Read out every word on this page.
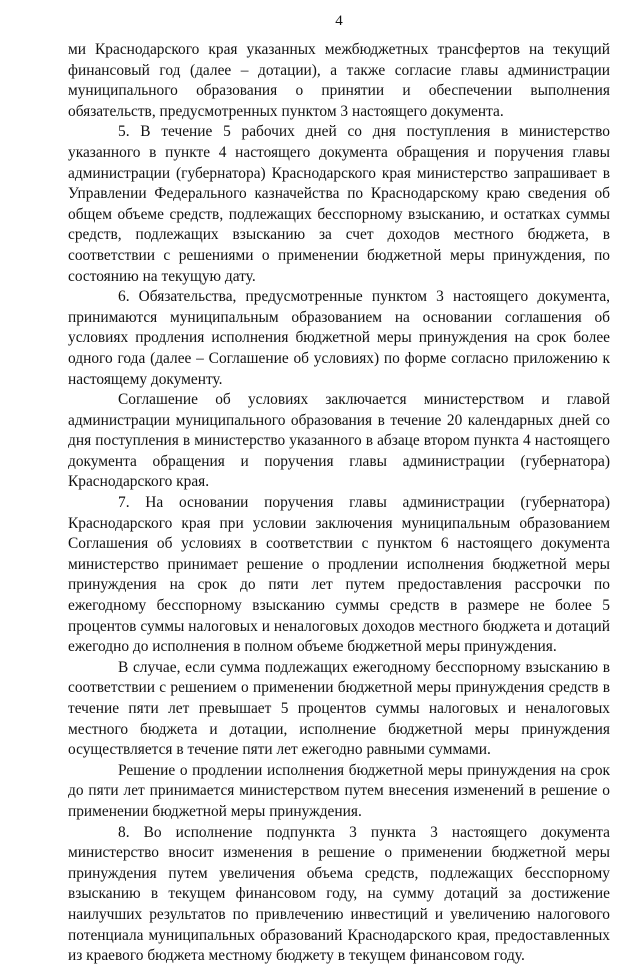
4

ми Краснодарского края указанных межбюджетных трансфертов на текущий финансовый год (далее – дотации), а также согласие главы администрации муниципального образования о принятии и обеспечении выполнения обязательств, предусмотренных пунктом 3 настоящего документа.

5. В течение 5 рабочих дней со дня поступления в министерство указанного в пункте 4 настоящего документа обращения и поручения главы администрации (губернатора) Краснодарского края министерство запрашивает в Управлении Федерального казначейства по Краснодарскому краю сведения об общем объеме средств, подлежащих бесспорному взысканию, и остатках суммы средств, подлежащих взысканию за счет доходов местного бюджета, в соответствии с решениями о применении бюджетной меры принуждения, по состоянию на текущую дату.

6. Обязательства, предусмотренные пунктом 3 настоящего документа, принимаются муниципальным образованием на основании соглашения об условиях продления исполнения бюджетной меры принуждения на срок более одного года (далее – Соглашение об условиях) по форме согласно приложению к настоящему документу.

Соглашение об условиях заключается министерством и главой администрации муниципального образования в течение 20 календарных дней со дня поступления в министерство указанного в абзаце втором пункта 4 настоящего документа обращения и поручения главы администрации (губернатора) Краснодарского края.

7. На основании поручения главы администрации (губернатора) Краснодарского края при условии заключения муниципальным образованием Соглашения об условиях в соответствии с пунктом 6 настоящего документа министерство принимает решение о продлении исполнения бюджетной меры принуждения на срок до пяти лет путем предоставления рассрочки по ежегодному бесспорному взысканию суммы средств в размере не более 5 процентов суммы налоговых и неналоговых доходов местного бюджета и дотаций ежегодно до исполнения в полном объеме бюджетной меры принуждения.

В случае, если сумма подлежащих ежегодному бесспорному взысканию в соответствии с решением о применении бюджетной меры принуждения средств в течение пяти лет превышает 5 процентов суммы налоговых и неналоговых местного бюджета и дотации, исполнение бюджетной меры принуждения осуществляется в течение пяти лет ежегодно равными суммами.

Решение о продлении исполнения бюджетной меры принуждения на срок до пяти лет принимается министерством путем внесения изменений в решение о применении бюджетной меры принуждения.

8. Во исполнение подпункта 3 пункта 3 настоящего документа министерство вносит изменения в решение о применении бюджетной меры принуждения путем увеличения объема средств, подлежащих бесспорному взысканию в текущем финансовом году, на сумму дотаций за достижение наилучших результатов по привлечению инвестиций и увеличению налогового потенциала муниципальных образований Краснодарского края, предоставленных из краевого бюджета местному бюджету в текущем финансовом году.
